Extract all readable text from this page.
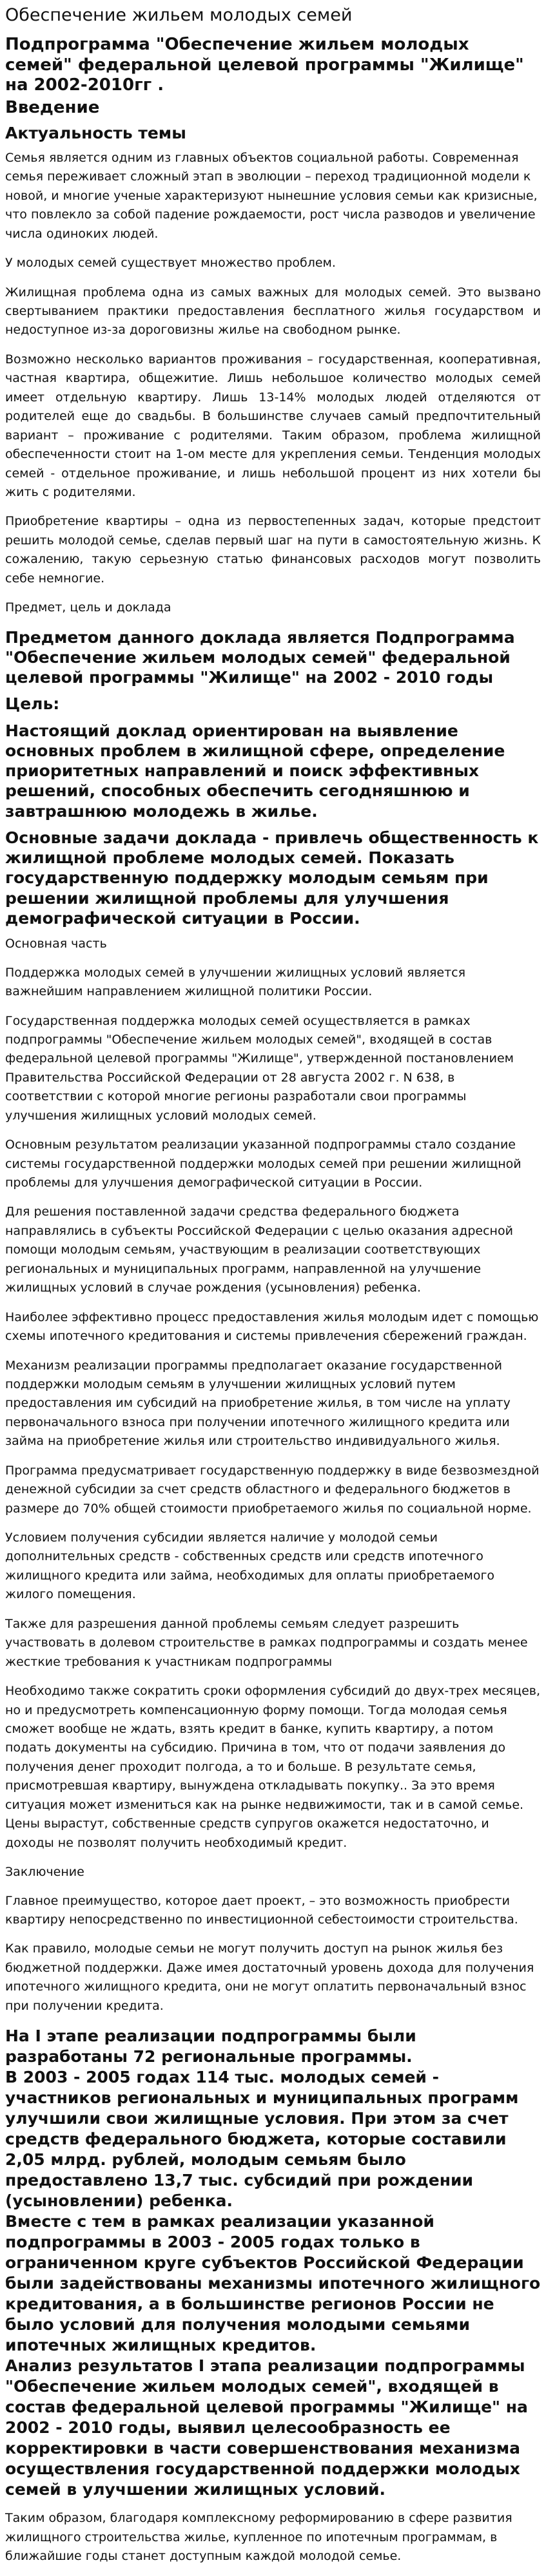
Обеспечение жильем молодых семей
Подпрограмма "Обеспечение жильем молодых семей" федеральной целевой программы "Жилище" на 2002-2010гг .
Введение
Актуальность темы

Семья является одним из главных объектов социальной работы. Современная семья переживает сложный этап в эволюции – переход традиционной модели к новой, и многие ученые характеризуют нынешние условия семьи как кризисные, что повлекло за собой падение рождаемости, рост числа разводов и увеличение числа одиноких людей.

У молодых семей существует множество проблем.

Жилищная проблема одна из самых важных для молодых семей. Это вызвано свертыванием практики предоставления бесплатного жилья государством и недоступное из-за дороговизны жилье на свободном рынке.

Возможно несколько вариантов проживания – государственная, кооперативная, частная квартира, общежитие. Лишь небольшое количество молодых семей имеет отдельную квартиру. Лишь 13-14% молодых людей отделяются от родителей еще до свадьбы. В большинстве случаев самый предпочтительный вариант – проживание с родителями. Таким образом, проблема жилищной обеспеченности стоит на 1-ом месте для укрепления семьи. Тенденция молодых семей - отдельное проживание, и лишь небольшой процент из них хотели бы жить с родителями.

Приобретение квартиры – одна из первостепенных задач, которые предстоит решить молодой семье, сделав первый шаг на пути в самостоятельную жизнь. К сожалению, такую серьезную статью финансовых расходов могут позволить себе немногие.

Предмет, цель и доклада
Предметом данного доклада является Подпрограмма "Обеспечение жильем молодых семей" федеральной целевой программы "Жилище" на 2002 - 2010 годы
Цель:
Настоящий доклад ориентирован на выявление основных проблем в жилищной сфере, определение приоритетных направлений и поиск эффективных решений, способных обеспечить сегодняшнюю и завтрашнюю молодежь в жилье.
Основные задачи доклада - привлечь общественность к жилищной проблеме молодых семей. Показать государственную поддержку молодым семьям при решении жилищной проблемы для улучшения демографической ситуации в России.
Основная часть

Поддержка молодых семей в улучшении жилищных условий является важнейшим направлением жилищной политики России.

Государственная поддержка молодых семей осуществляется в рамках подпрограммы "Обеспечение жильем молодых семей", входящей в состав федеральной целевой программы "Жилище", утвержденной постановлением Правительства Российской Федерации от 28 августа 2002 г. N 638, в соответствии с которой многие регионы разработали свои программы улучшения жилищных условий молодых семей.

Основным результатом реализации указанной подпрограммы стало создание системы государственной поддержки молодых семей при решении жилищной проблемы для улучшения демографической ситуации в России.

Для решения поставленной задачи средства федерального бюджета направлялись в субъекты Российской Федерации с целью оказания адресной помощи молодым семьям, участвующим в реализации соответствующих региональных и муниципальных программ, направленной на улучшение жилищных условий в случае рождения (усыновления) ребенка.

Наиболее эффективно процесс предоставления жилья молодым идет с помощью схемы ипотечного кредитования и системы привлечения сбережений граждан.

Механизм реализации программы предполагает оказание государственной поддержки молодым семьям в улучшении жилищных условий путем предоставления им субсидий на приобретение жилья, в том числе на уплату первоначального взноса при получении ипотечного жилищного кредита или займа на приобретение жилья или строительство индивидуального жилья.

Программа предусматривает государственную поддержку в виде безвозмездной денежной субсидии за счет средств областного и федерального бюджетов в размере до 70% общей стоимости приобретаемого жилья по социальной норме.

Условием получения субсидии является наличие у молодой семьи дополнительных средств - собственных средств или средств ипотечного жилищного кредита или займа, необходимых для оплаты приобретаемого жилого помещения.

Также для разрешения данной проблемы семьям следует разрешить участвовать в долевом строительстве в рамках подпрограммы и создать менее жесткие требования к участникам подпрограммы

Необходимо также сократить сроки оформления субсидий до двух-трех месяцев, но и предусмотреть компенсационную форму помощи. Тогда молодая семья сможет вообще не ждать, взять кредит в банке, купить квартиру, а потом подать документы на субсидию. Причина в том, что от подачи заявления до получения денег проходит полгода, а то и больше. В результате семья, присмотревшая квартиру, вынуждена откладывать покупку.. За это время ситуация может измениться как на рынке недвижимости, так и в самой семье. Цены вырастут, собственные средств супругов окажется недостаточно, и доходы не позволят получить необходимый кредит.

Заключение

Главное преимущество, которое дает проект, – это возможность приобрести квартиру непосредственно по инвестиционной себестоимости строительства.

Как правило, молодые семьи не могут получить доступ на рынок жилья без бюджетной поддержки. Даже имея достаточный уровень дохода для получения ипотечного жилищного кредита, они не могут оплатить первоначальный взнос при получении кредита.

На I этапе реализации подпрограммы были разработаны 72 региональные программы.
В 2003 - 2005 годах 114 тыс. молодых семей - участников региональных и муниципальных программ улучшили свои жилищные условия. При этом за счет средств федерального бюджета, которые составили 2,05 млрд. рублей, молодым семьям было предоставлено 13,7 тыс. субсидий при рождении (усыновлении) ребенка.
Вместе с тем в рамках реализации указанной подпрограммы в 2003 - 2005 годах только в ограниченном круге субъектов Российской Федерации были задействованы механизмы ипотечного жилищного кредитования, а в большинстве регионов России не было условий для получения молодыми семьями ипотечных жилищных кредитов.
Анализ результатов I этапа реализации подпрограммы "Обеспечение жильем молодых семей", входящей в состав федеральной целевой программы "Жилище" на 2002 - 2010 годы, выявил целесообразность ее корректировки в части совершенствования механизма осуществления государственной поддержки молодых семей в улучшении жилищных условий.

Таким образом, благодаря комплексному реформированию в сфере развития жилищного строительства жилье, купленное по ипотечным программам, в ближайшие годы станет доступным каждой молодой семье.
